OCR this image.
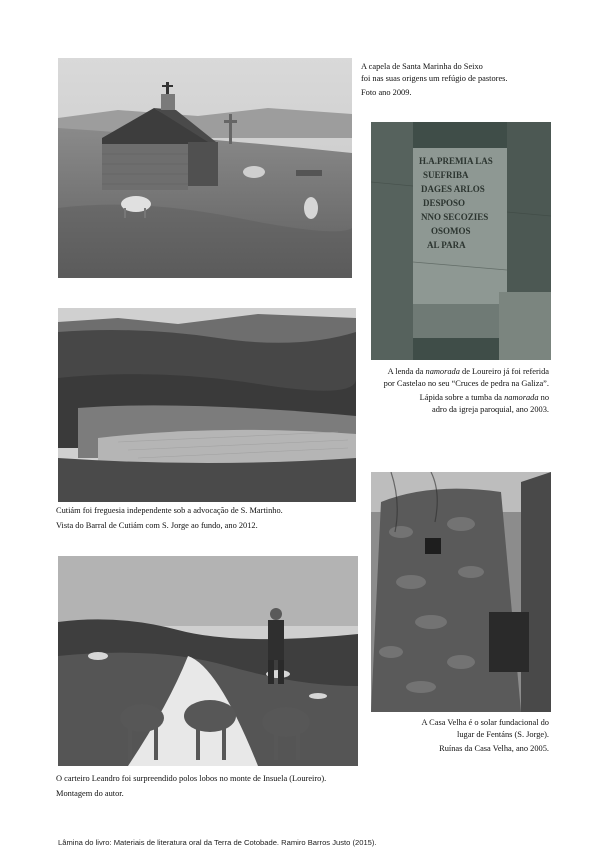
A capela de Santa Marinha do Seixo
foi nas suas origens um refúgio de pastores.
Foto ano 2009.
H.A.PREMIA LAS
SUEFRIBA
DAGES ARLOS
DESPOSO
NNO SECOZIES
OSOMOS
AL PARA
A lenda da namorada de Loureiro já foi referida
por Castelao no seu “Cruces de pedra na Galiza”.
Lápida sobre a tumba da namorada no
adro da igreja paroquial, ano 2003.
Cutiám foi freguesia independente sob a advocação de S. Martinho.
Vista do Barral de Cutiám com S. Jorge ao fundo, ano 2012.
A Casa Velha é o solar fundacional do
lugar de Fentáns (S. Jorge).
Ruínas da Casa Velha, ano 2005.
O carteiro Leandro foi surpreendido polos lobos no monte de Insuela (Loureiro).
Montagem do autor.
Lâmina do livro: Materiais de literatura oral da Terra de Cotobade. Ramiro Barros Justo (2015).
